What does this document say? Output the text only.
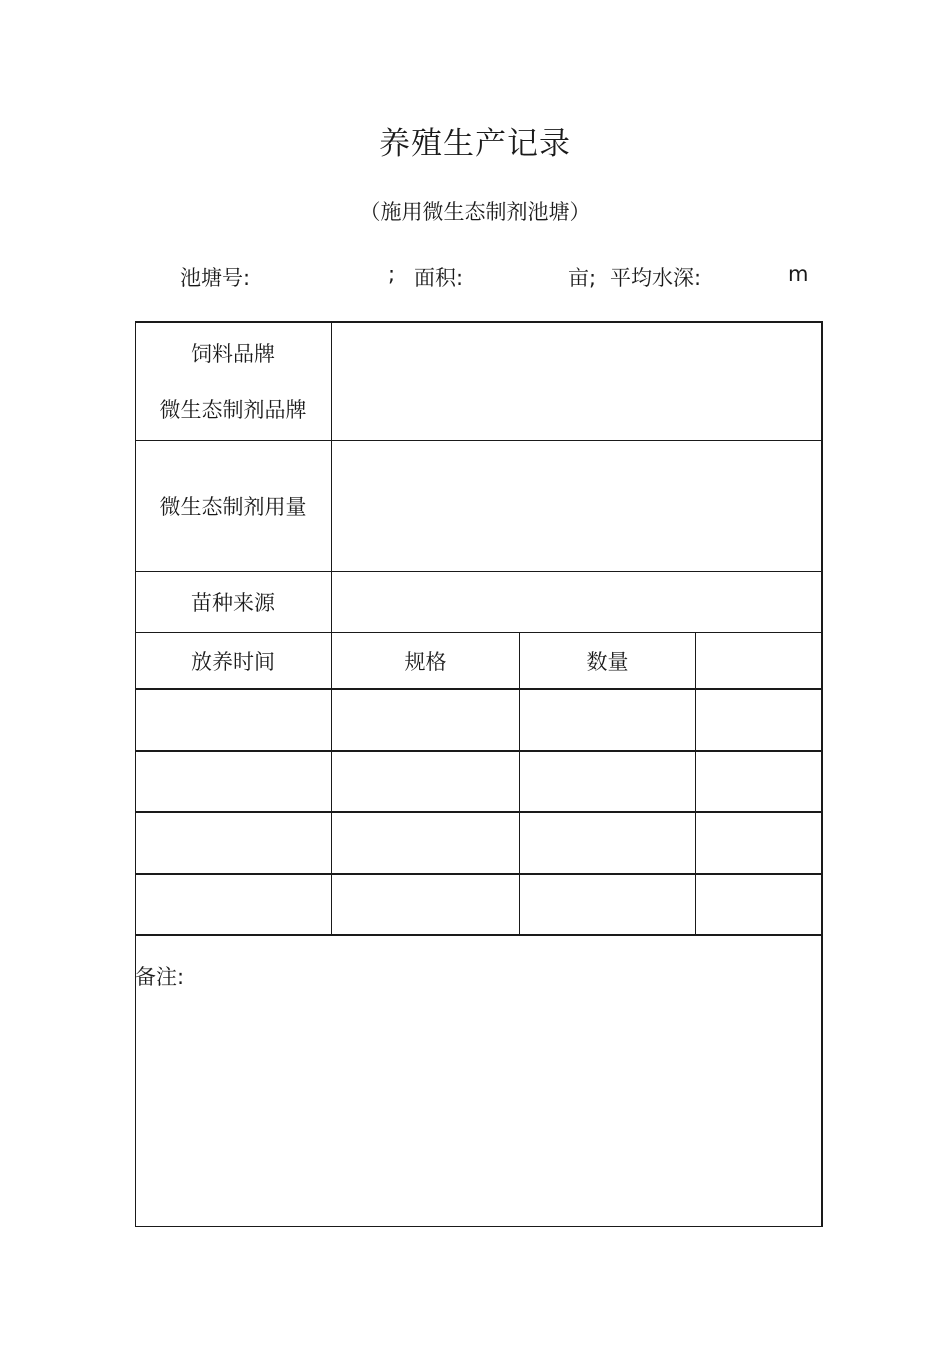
养殖生产记录
（施用微生态制剂池塘）
池塘号:	; 面积:	亩; 平均水深:	m
饲料品牌
微生态制剂品牌
微生态制剂用量
苗种来源
放养时间	规格	数量
备注:
